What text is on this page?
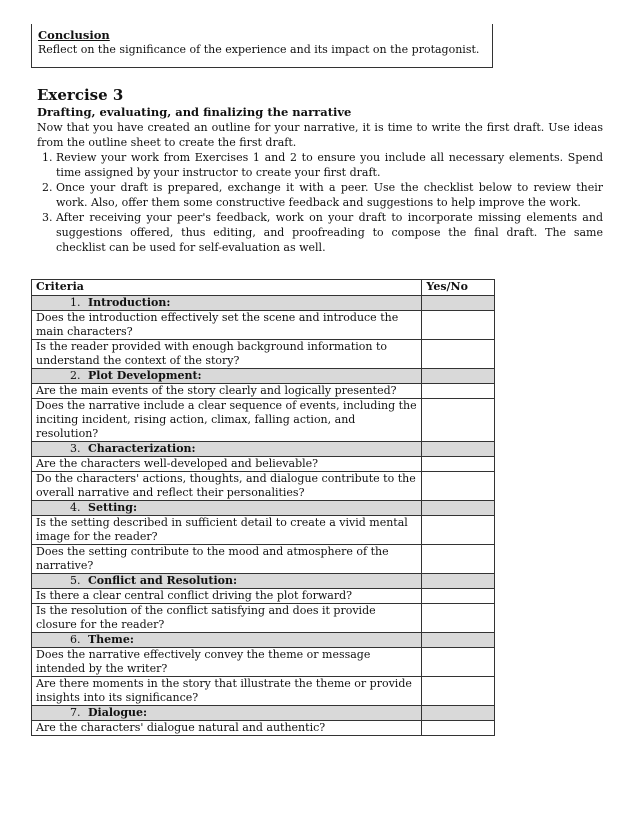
Conclusion
Reflect on the significance of the experience and its impact on the protagonist.
Exercise 3
Drafting, evaluating, and finalizing the narrative
Now that you have created an outline for your narrative, it is time to write the first draft. Use ideas from the outline sheet to create the first draft.
1. Review your work from Exercises 1 and 2 to ensure you include all necessary elements. Spend time assigned by your instructor to create your first draft.
2. Once your draft is prepared, exchange it with a peer. Use the checklist below to review their work. Also, offer them some constructive feedback and suggestions to help improve the work.
3. After receiving your peer's feedback, work on your draft to incorporate missing elements and suggestions offered, thus editing, and proofreading to compose the final draft. The same checklist can be used for self-evaluation as well.
Criteria	Yes/No
1. Introduction:	
Does the introduction effectively set the scene and introduce the main characters?	
Is the reader provided with enough background information to understand the context of the story?	
2. Plot Development:	
Are the main events of the story clearly and logically presented?	
Does the narrative include a clear sequence of events, including the inciting incident, rising action, climax, falling action, and resolution?	
3. Characterization:	
Are the characters well-developed and believable?	
Do the characters' actions, thoughts, and dialogue contribute to the overall narrative and reflect their personalities?	
4. Setting:	
Is the setting described in sufficient detail to create a vivid mental image for the reader?	
Does the setting contribute to the mood and atmosphere of the narrative?	
5. Conflict and Resolution:	
Is there a clear central conflict driving the plot forward?	
Is the resolution of the conflict satisfying and does it provide closure for the reader?	
6. Theme:	
Does the narrative effectively convey the theme or message intended by the writer?	
Are there moments in the story that illustrate the theme or provide insights into its significance?	
7. Dialogue:	
Are the characters' dialogue natural and authentic?	
